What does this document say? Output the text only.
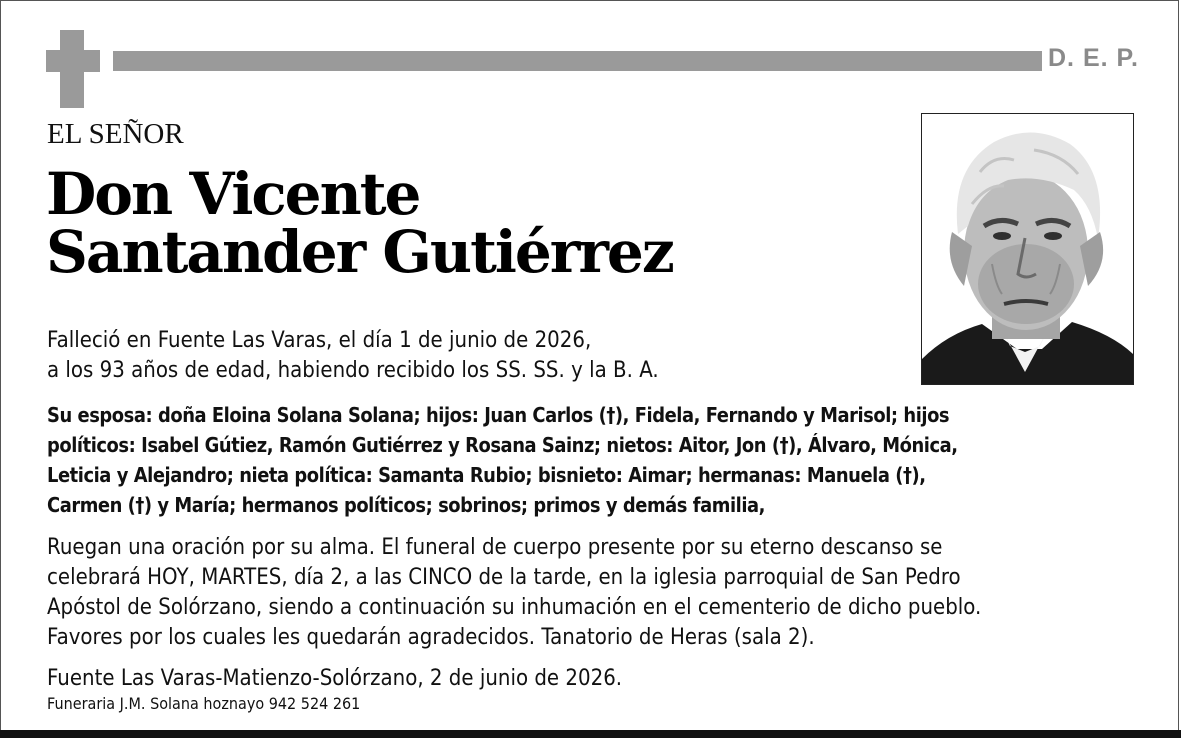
D. E. P.
EL SEÑOR
Don Vicente
Santander Gutiérrez
Falleció en Fuente Las Varas, el día 1 de junio de 2026,
a los 93 años de edad, habiendo recibido los SS. SS. y la B. A.
Su esposa: doña Eloina Solana Solana; hijos: Juan Carlos (†), Fidela, Fernando y Marisol; hijos
políticos: Isabel Gútiez, Ramón Gutiérrez y Rosana Sainz; nietos: Aitor, Jon (†), Álvaro, Mónica,
Leticia y Alejandro; nieta política: Samanta Rubio; bisnieto: Aimar; hermanas: Manuela (†),
Carmen (†) y María; hermanos políticos; sobrinos; primos y demás familia,
Ruegan una oración por su alma. El funeral de cuerpo presente por su eterno descanso se
celebrará HOY, MARTES, día 2, a las CINCO de la tarde, en la iglesia parroquial de San Pedro
Apóstol de Solórzano, siendo a continuación su inhumación en el cementerio de dicho pueblo.
Favores por los cuales les quedarán agradecidos. Tanatorio de Heras (sala 2).
Fuente Las Varas-Matienzo-Solórzano, 2 de junio de 2026.
Funeraria J.M. Solana hoznayo 942 524 261
